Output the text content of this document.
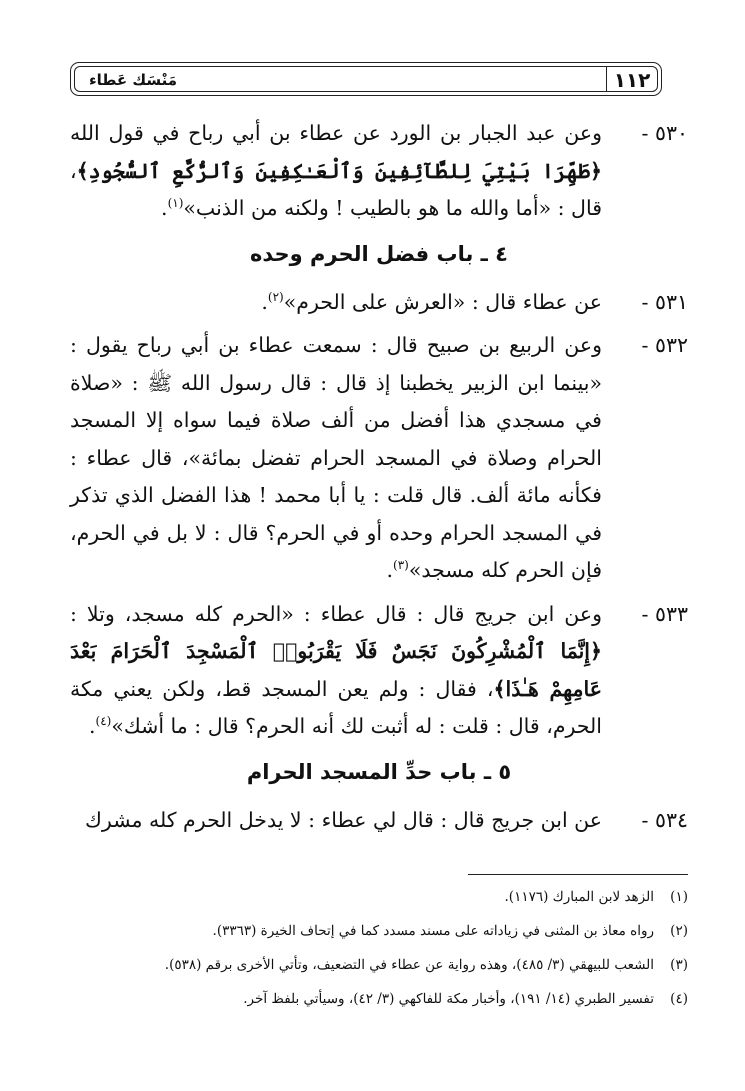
١١٢
مَنْسَك عَطاء
٥٣٠ -
وعن عبد الجبار بن الورد عن عطاء بن أبي رباح في قول الله ﴿طَهِّرَا بَيْتِيَ لِلطَّآئِفِينَ وَٱلْعَـٰكِفِينَ وَٱلرُّكَّعِ ٱلسُّجُودِ﴾، قال : «أما والله ما هو بالطيب ! ولكنه من الذنب»$^{(١)}$.
٤ ـ باب فضل الحرم وحده
٥٣١ -
عن عطاء قال : «العرش على الحرم»$^{(٢)}$.
٥٣٢ -
وعن الربيع بن صبيح قال : سمعت عطاء بن أبي رباح يقول : «بينما ابن الزبير يخطبنا إذ قال : قال رسول الله ﷺ : «صلاة في مسجدي هذا أفضل من ألف صلاة فيما سواه إلا المسجد الحرام وصلاة في المسجد الحرام تفضل بمائة»، قال عطاء : فكأنه مائة ألف. قال قلت : يا أبا محمد ! هذا الفضل الذي تذكر في المسجد الحرام وحده أو في الحرم؟ قال : لا بل في الحرم، فإن الحرم كله مسجد»$^{(٣)}$.
٥٣٣ -
وعن ابن جريج قال : قال عطاء : «الحرم كله مسجد، وتلا : ﴿إِنَّمَا ٱلْمُشْرِكُونَ نَجَسٌ فَلَا يَقْرَبُوا۟ ٱلْمَسْجِدَ ٱلْحَرَامَ بَعْدَ عَامِهِمْ هَـٰذَا﴾، فقال : ولم يعن المسجد قط، ولكن يعني مكة الحرم، قال : قلت : له أثبت لك أنه الحرم؟ قال : ما أشك»$^{(٤)}$.
٥ ـ باب حدِّ المسجد الحرام
٥٣٤ -
عن ابن جريج قال : قال لي عطاء : لا يدخل الحرم كله مشرك
(١)
الزهد لابن المبارك (١١٧٦).
(٢)
رواه معاذ بن المثنى في زياداته على مسند مسدد كما في إتحاف الخيرة (٣٣٦٣).
(٣)
الشعب للبيهقي (٣/ ٤٨٥)، وهذه رواية عن عطاء في التضعيف، وتأتي الأخرى برقم (٥٣٨).
(٤)
تفسير الطبري (١٤/ ١٩١)، وأخبار مكة للفاكهي (٣/ ٤٢)، وسيأتي بلفظ آخر.
